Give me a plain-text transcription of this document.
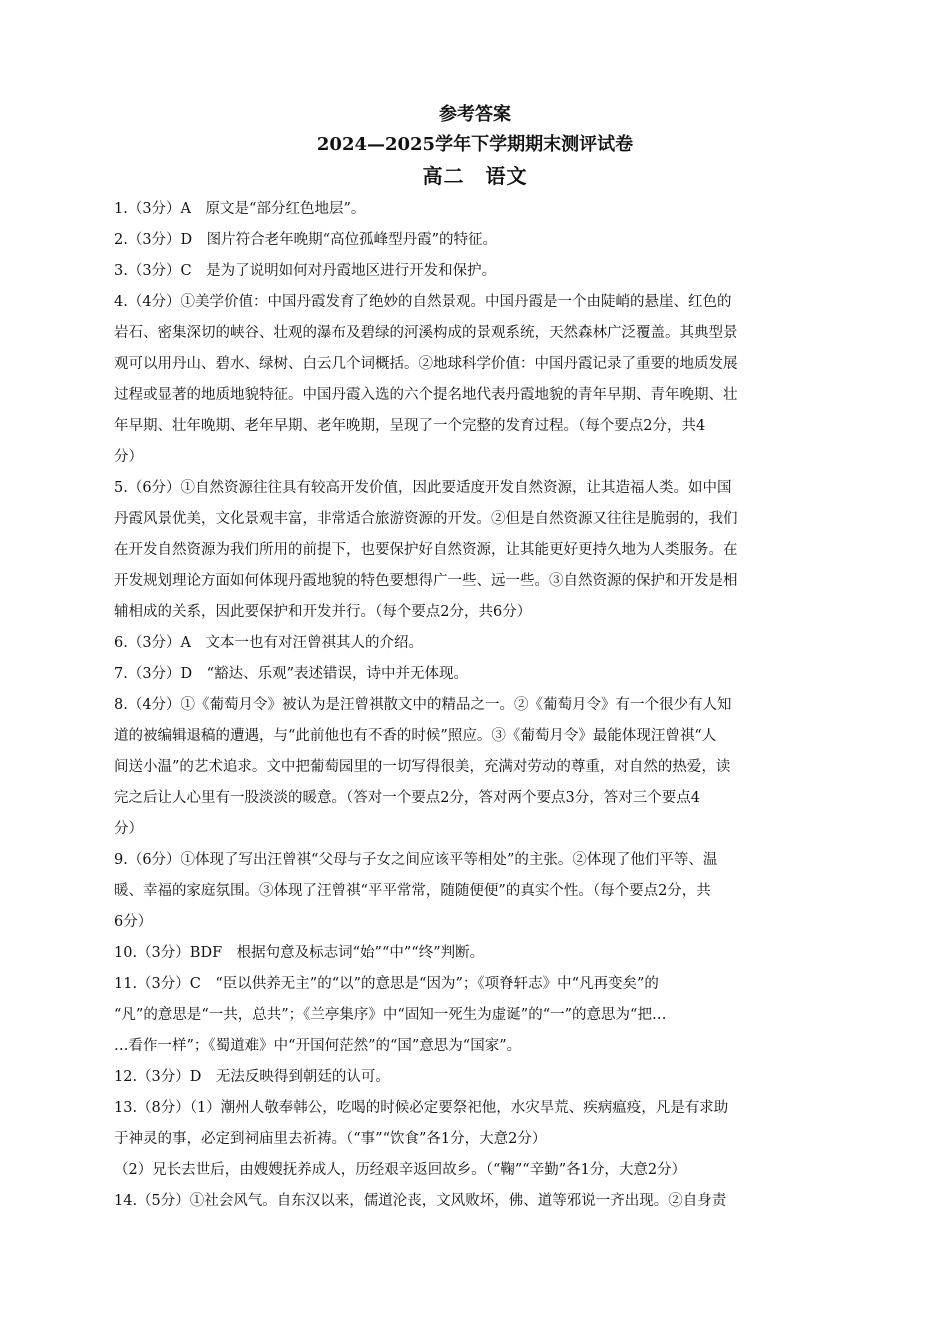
参考答案
2024—2025学年下学期期末测评试卷
高二　语文
1.（3分）A　原文是“部分红色地层”。
2.（3分）D　图片符合老年晚期“高位孤峰型丹霞”的特征。
3.（3分）C　是为了说明如何对丹霞地区进行开发和保护。
4.（4分）①美学价值：中国丹霞发育了绝妙的自然景观。中国丹霞是一个由陡峭的悬崖、红色的
岩石、密集深切的峡谷、壮观的瀑布及碧绿的河溪构成的景观系统，天然森林广泛覆盖。其典型景
观可以用丹山、碧水、绿树、白云几个词概括。②地球科学价值：中国丹霞记录了重要的地质发展
过程或显著的地质地貌特征。中国丹霞入选的六个提名地代表丹霞地貌的青年早期、青年晚期、壮
年早期、壮年晚期、老年早期、老年晚期，呈现了一个完整的发育过程。（每个要点2分，共4
分）
5.（6分）①自然资源往往具有较高开发价值，因此要适度开发自然资源，让其造福人类。如中国
丹霞风景优美，文化景观丰富，非常适合旅游资源的开发。②但是自然资源又往往是脆弱的，我们
在开发自然资源为我们所用的前提下，也要保护好自然资源，让其能更好更持久地为人类服务。在
开发规划理论方面如何体现丹霞地貌的特色要想得广一些、远一些。③自然资源的保护和开发是相
辅相成的关系，因此要保护和开发并行。（每个要点2分，共6分）
6.（3分）A　文本一也有对汪曾祺其人的介绍。
7.（3分）D　“豁达、乐观”表述错误，诗中并无体现。
8.（4分）①《葡萄月令》被认为是汪曾祺散文中的精品之一。②《葡萄月令》有一个很少有人知
道的被编辑退稿的遭遇，与“此前他也有不香的时候”照应。③《葡萄月令》最能体现汪曾祺“人
间送小温”的艺术追求。文中把葡萄园里的一切写得很美，充满对劳动的尊重，对自然的热爱，读
完之后让人心里有一股淡淡的暖意。（答对一个要点2分，答对两个要点3分，答对三个要点4
分）
9.（6分）①体现了写出汪曾祺“父母与子女之间应该平等相处”的主张。②体现了他们平等、温
暖、幸福的家庭氛围。③体现了汪曾祺“平平常常，随随便便”的真实个性。（每个要点2分，共
6分）
10.（3分）BDF　根据句意及标志词“始”“中”“终”判断。
11.（3分）C　“臣以供养无主”的“以”的意思是“因为”；《项脊轩志》中“凡再变矣”的
“凡”的意思是“一共，总共”；《兰亭集序》中“固知一死生为虚诞”的“一”的意思为“把…
…看作一样”；《蜀道难》中“开国何茫然”的“国”意思为“国家”。
12.（3分）D　无法反映得到朝廷的认可。
13.（8分）（1）潮州人敬奉韩公，吃喝的时候必定要祭祀他，水灾旱荒、疾病瘟疫，凡是有求助
于神灵的事，必定到祠庙里去祈祷。（“事”“饮食”各1分，大意2分）
（2）兄长去世后，由嫂嫂抚养成人，历经艰辛返回故乡。（“鞠”“辛勤”各1分，大意2分）
14.（5分）①社会风气。自东汉以来，儒道沦丧，文风败坏，佛、道等邪说一齐出现。②自身责
